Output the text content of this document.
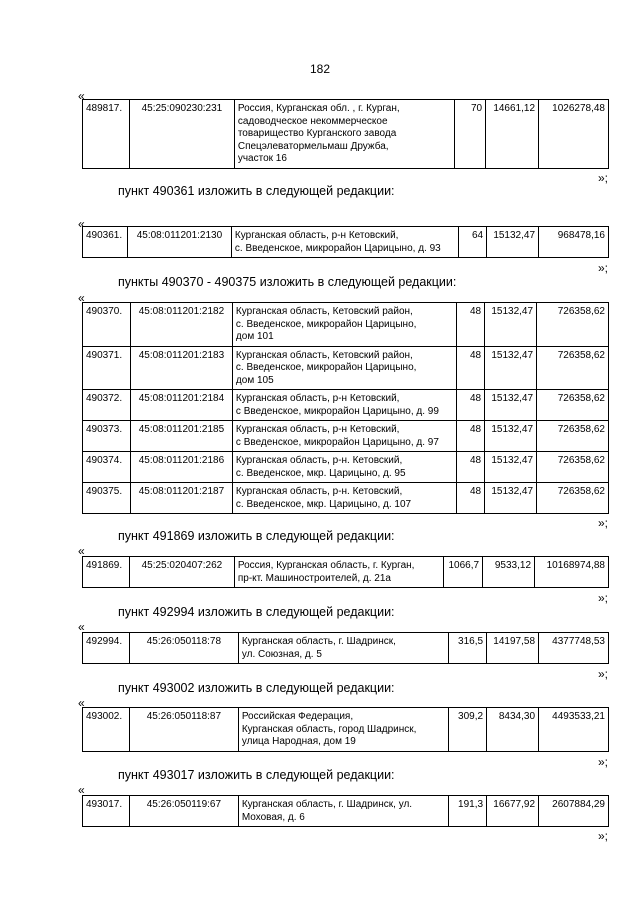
182
«
489817.	45:25:090230:231	Россия, Курганская обл. , г. Курган,
садоводческое некоммерческое
товарищество Курганского завода
Спецэлеватормельмаш Дружба,
участок 16
	70	14661,12	1026278,48
»;
пункт 490361 изложить в следующей редакции:
«
490361.	45:08:011201:2130	Курганская область, р-н Кетовский,
с. Введенское, микрорайон Царицыно, д. 93
	64	15132,47	968478,16
»;
пункты 490370 - 490375 изложить в следующей редакции:
«
490370.	45:08:011201:2182	Курганская область, Кетовский район,
с. Введенское, микрорайон Царицыно,
дом 101	48	15132,47	726358,62
490371.	45:08:011201:2183	Курганская область, Кетовский район,
с. Введенское, микрорайон Царицыно,
дом 105	48	15132,47	726358,62
490372.	45:08:011201:2184	Курганская область, р-н Кетовский,
с Введенское, микрорайон Царицыно, д. 99	48	15132,47	726358,62
490373.	45:08:011201:2185	Курганская область, р-н Кетовский,
с Введенское, микрорайон Царицыно, д. 97	48	15132,47	726358,62
490374.	45:08:011201:2186	Курганская область, р-н. Кетовский,
с. Введенское, мкр. Царицыно, д. 95	48	15132,47	726358,62
490375.	45:08:011201:2187	Курганская область, р-н. Кетовский,
с. Введенское, мкр. Царицыно, д. 107	48	15132,47	726358,62
»;
пункт 491869 изложить в следующей редакции:
«
491869.	45:25:020407:262	Россия, Курганская область, г. Курган,
пр-кт. Машиностроителей, д. 21а
	1066,7	9533,12	10168974,88
»;
пункт 492994 изложить в следующей редакции:
«
492994.	45:26:050118:78	Курганская область, г. Шадринск,
ул. Союзная, д. 5
	316,5	14197,58	4377748,53
»;
пункт 493002 изложить в следующей редакции:
«
493002.	45:26:050118:87	Российская Федерация,
Курганская область, город Шадринск,
улица Народная, дом 19
	309,2	8434,30	4493533,21
»;
пункт 493017 изложить в следующей редакции:
«
493017.	45:26:050119:67	Курганская область, г. Шадринск, ул.
Моховая, д. 6
	191,3	16677,92	2607884,29
»;
